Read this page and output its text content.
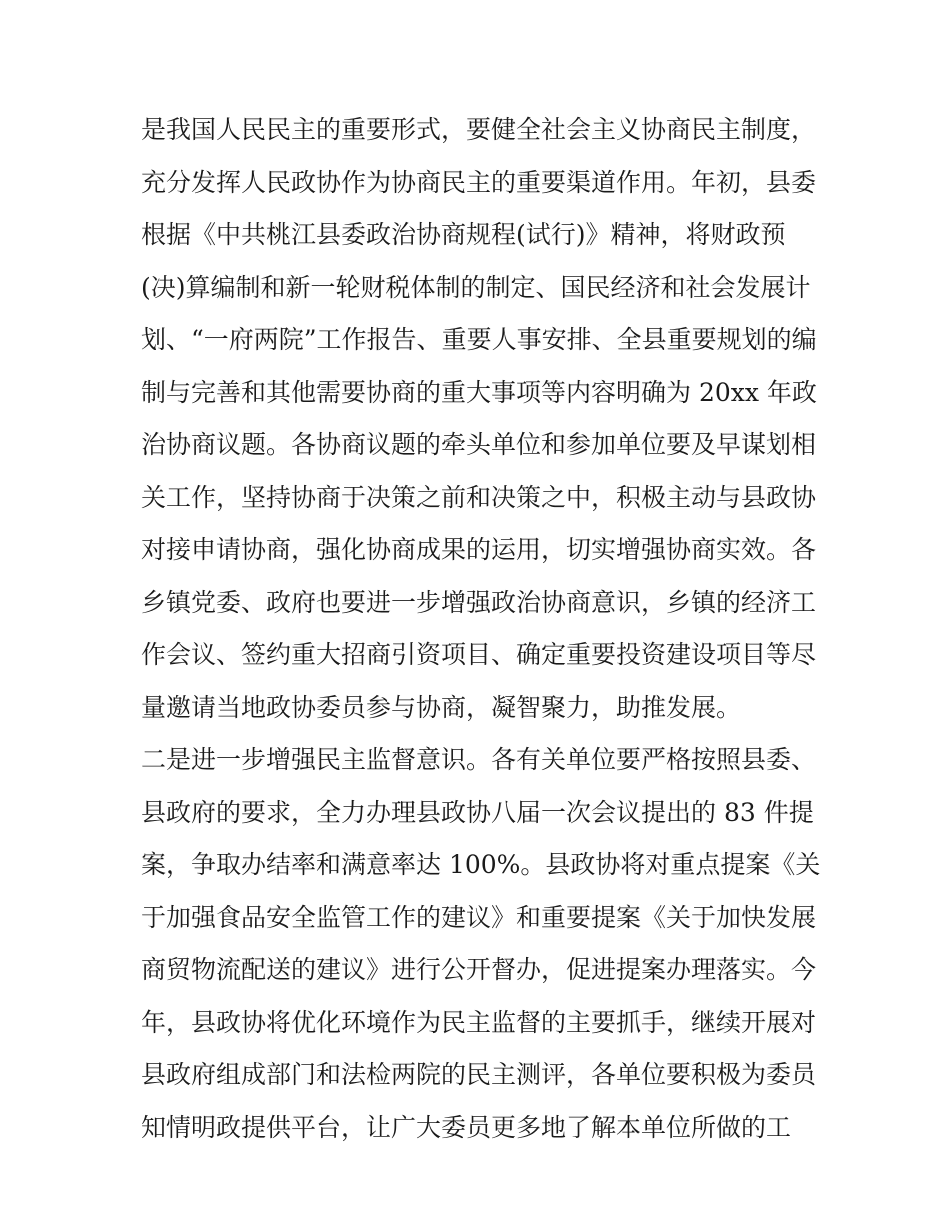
是我国人民民主的重要形式，要健全社会主义协商民主制度，
充分发挥人民政协作为协商民主的重要渠道作用。年初，县委
根据《中共桃江县委政治协商规程(试行)》精神，将财政预
(决)算编制和新一轮财税体制的制定、国民经济和社会发展计
划、“一府两院”工作报告、重要人事安排、全县重要规划的编
制与完善和其他需要协商的重大事项等内容明确为 20xx 年政
治协商议题。各协商议题的牵头单位和参加单位要及早谋划相
关工作，坚持协商于决策之前和决策之中，积极主动与县政协
对接申请协商，强化协商成果的运用，切实增强协商实效。各
乡镇党委、政府也要进一步增强政治协商意识，乡镇的经济工
作会议、签约重大招商引资项目、确定重要投资建设项目等尽
量邀请当地政协委员参与协商，凝智聚力，助推发展。
二是进一步增强民主监督意识。各有关单位要严格按照县委、
县政府的要求，全力办理县政协八届一次会议提出的 83 件提
案，争取办结率和满意率达 100%。县政协将对重点提案《关
于加强食品安全监管工作的建议》和重要提案《关于加快发展
商贸物流配送的建议》进行公开督办，促进提案办理落实。今
年，县政协将优化环境作为民主监督的主要抓手，继续开展对
县政府组成部门和法检两院的民主测评，各单位要积极为委员
知情明政提供平台，让广大委员更多地了解本单位所做的工
